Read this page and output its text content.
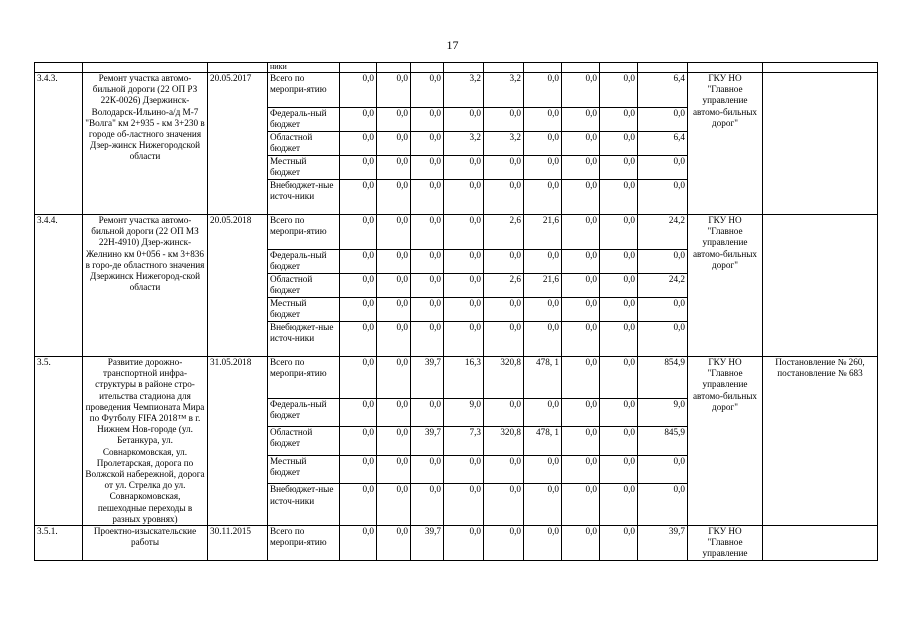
17
			ники											
3.4.3.	Ремонт участка автомо-бильной дороги (22 ОП РЗ 22К-0026) Дзержинск-Володарск-Ильино-а/д М-7 "Волга" км 2+935 - км 3+230 в городе об-ластного значения Дзер-жинск Нижегородской области	20.05.2017	Всего по меропри-ятию	0,0	0,0	0,0	3,2	3,2	0,0	0,0	0,0	6,4	ГКУ НО "Главное управление автомо-бильных дорог"	
			Федераль-ный бюджет	0,0	0,0	0,0	0,0	0,0	0,0	0,0	0,0	0,0		
			Областной бюджет	0,0	0,0	0,0	3,2	3,2	0,0	0,0	0,0	6,4		
			Местный бюджет	0,0	0,0	0,0	0,0	0,0	0,0	0,0	0,0	0,0		
			Внебюджет-ные источ-ники	0,0	0,0	0,0	0,0	0,0	0,0	0,0	0,0	0,0		
3.4.4.	Ремонт участка автомо-бильной дороги (22 ОП МЗ 22Н-4910) Дзер-жинск-Желнино км 0+056 - км 3+836 в горо-де областного значения Дзержинск Нижегород-ской области	20.05.2018	Всего по меропри-ятию	0,0	0,0	0,0	0,0	2,6	21,6	0,0	0,0	24,2	ГКУ НО "Главное управление автомо-бильных дорог"	
			Федераль-ный бюджет	0,0	0,0	0,0	0,0	0,0	0,0	0,0	0,0	0,0		
			Областной бюджет	0,0	0,0	0,0	0,0	2,6	21,6	0,0	0,0	24,2		
			Местный бюджет	0,0	0,0	0,0	0,0	0,0	0,0	0,0	0,0	0,0		
			Внебюджет-ные источ-ники	0,0	0,0	0,0	0,0	0,0	0,0	0,0	0,0	0,0		
3.5.	Развитие дорожно-транспортной инфра-структуры в районе стро-ительства стадиона для проведения Чемпионата Мира по Футболу FIFA 2018™ в г. Нижнем Нов-городе (ул. Бетанкура, ул. Совнаркомовская, ул. Пролетарская, дорога по Волжской набережной, дорога от ул. Стрелка до ул. Совнаркомовская, пешеходные переходы в разных уровнях)	31.05.2018	Всего по меропри-ятию	0,0	0,0	39,7	16,3	320,8	478, 1	0,0	0,0	854,9	ГКУ НО "Главное управление автомо-бильных дорог"	Постановление № 260, постановление № 683
			Федераль-ный бюджет	0,0	0,0	0,0	9,0	0,0	0,0	0,0	0,0	9,0		
			Областной бюджет	0,0	0,0	39,7	7,3	320,8	478, 1	0,0	0,0	845,9		
			Местный бюджет	0,0	0,0	0,0	0,0	0,0	0,0	0,0	0,0	0,0		
			Внебюджет-ные источ-ники	0,0	0,0	0,0	0,0	0,0	0,0	0,0	0,0	0,0		
3.5.1.	Проектно-изыскательские работы	30.11.2015	Всего по меропри-ятию	0,0	0,0	39,7	0,0	0,0	0,0	0,0	0,0	39,7	ГКУ НО "Главное управление	
